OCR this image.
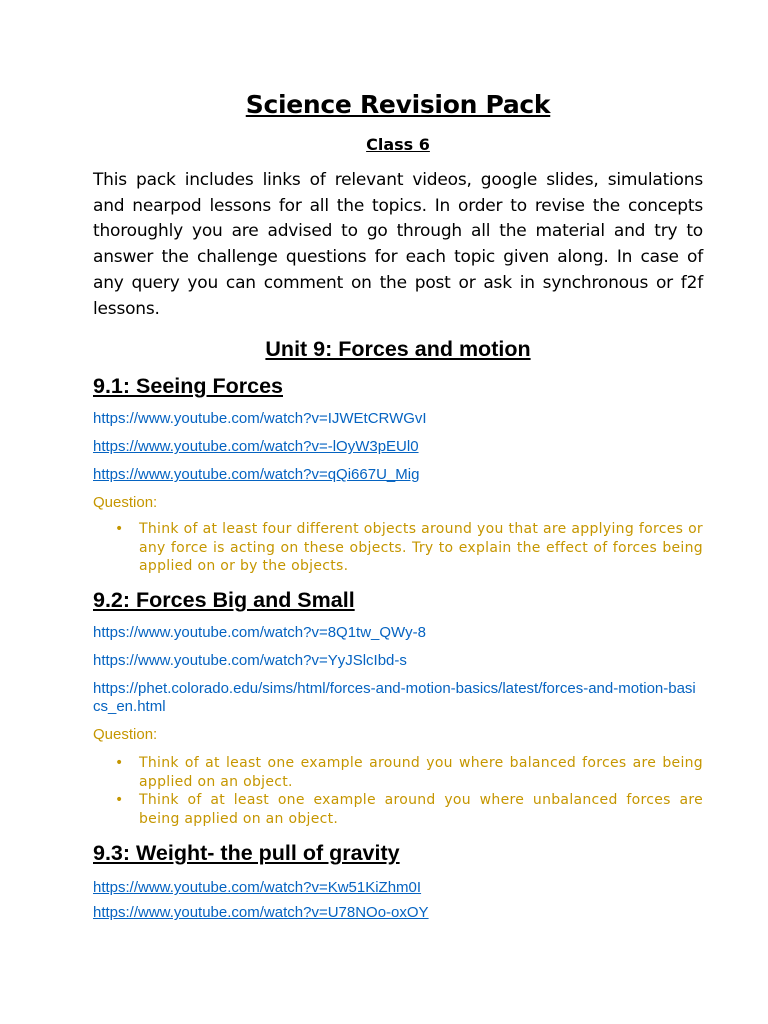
Science Revision Pack
Class 6

This pack includes links of relevant videos, google slides, simulations and nearpod lessons for all the topics. In order to revise the concepts thoroughly you are advised to go through all the material and try to answer the challenge questions for each topic given along. In case of any query you can comment on the post or ask in synchronous or f2f lessons.

Unit 9: Forces and motion
9.1: Seeing Forces
https://www.youtube.com/watch?v=IJWEtCRWGvI
https://www.youtube.com/watch?v=-lOyW3pEUl0
https://www.youtube.com/watch?v=qQi667U_Mig

Question:

• Think of at least four different objects around you that are applying forces or any force is acting on these objects. Try to explain the effect of forces being applied on or by the objects.
9.2: Forces Big and Small
https://www.youtube.com/watch?v=8Q1tw_QWy-8
https://www.youtube.com/watch?v=YyJSlcIbd-s
https://phet.colorado.edu/sims/html/forces-and-motion-basics/latest/forces-and-motion-basics_en.html

Question:

• Think of at least one example around you where balanced forces are being applied on an object.
• Think of at least one example around you where unbalanced forces are being applied on an object.
9.3: Weight- the pull of gravity
https://www.youtube.com/watch?v=Kw51KiZhm0I
https://www.youtube.com/watch?v=U78NOo-oxOY
